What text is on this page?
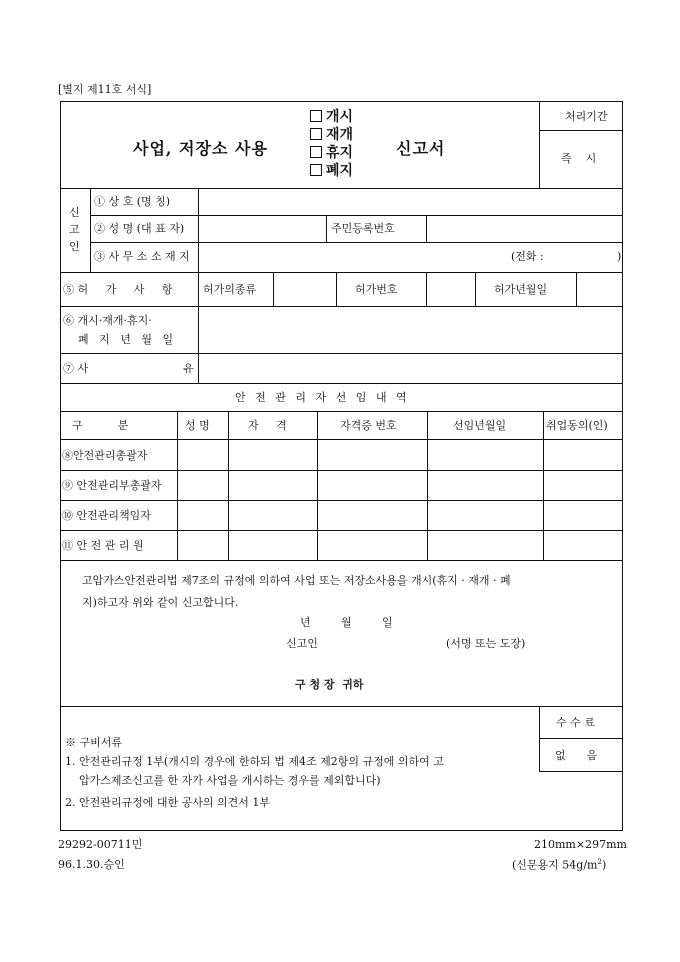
[별지 제11호 서식]
사업, 저장소 사용
개시
재개
휴지
폐지
신고서
처리기간
즉    시
신
고
인
① 상 호 (명 칭)
② 성 명 (대 표 자)	주민등록번호
③ 사 무 소 소 재 지	(전화 :	)
⑤ 허     가     사     항	허가의종류	허가번호	허가년월일
⑥ 개시·재개·휴지·
폐   지   년   월   일
⑦ 사	유
안 전 관 리 자 선 임 내 역
구          분	성 명	자     격	자격증 번호	선임년월일	취업동의(인)
⑧안전관리총괄자
⑨ 안전관리부총괄자
⑩ 안전관리책임자
⑪ 안 전 관 리 원
고압가스안전관리법 제7조의 규정에 의하여 사업 또는 저장소사용을 개시(휴지 · 재개 · 폐
지)하고자 위와 같이 신고합니다.
년	월	일
신고인	(서명 또는 도장)
구 청 장  귀하
※ 구비서류
1. 안전관리규정 1부(개시의 경우에 한하되 법 제4조 제2항의 규정에 의하여 고
압가스제조신고를 한 자가 사업을 개시하는 경우를 제외합니다)
2. 안전관리규정에 대한 공사의 의견서 1부
수 수 료
없      음
29292-00711민
96.1.30.승인
210mm×297mm
(신문용지 $54g/m^2$)
